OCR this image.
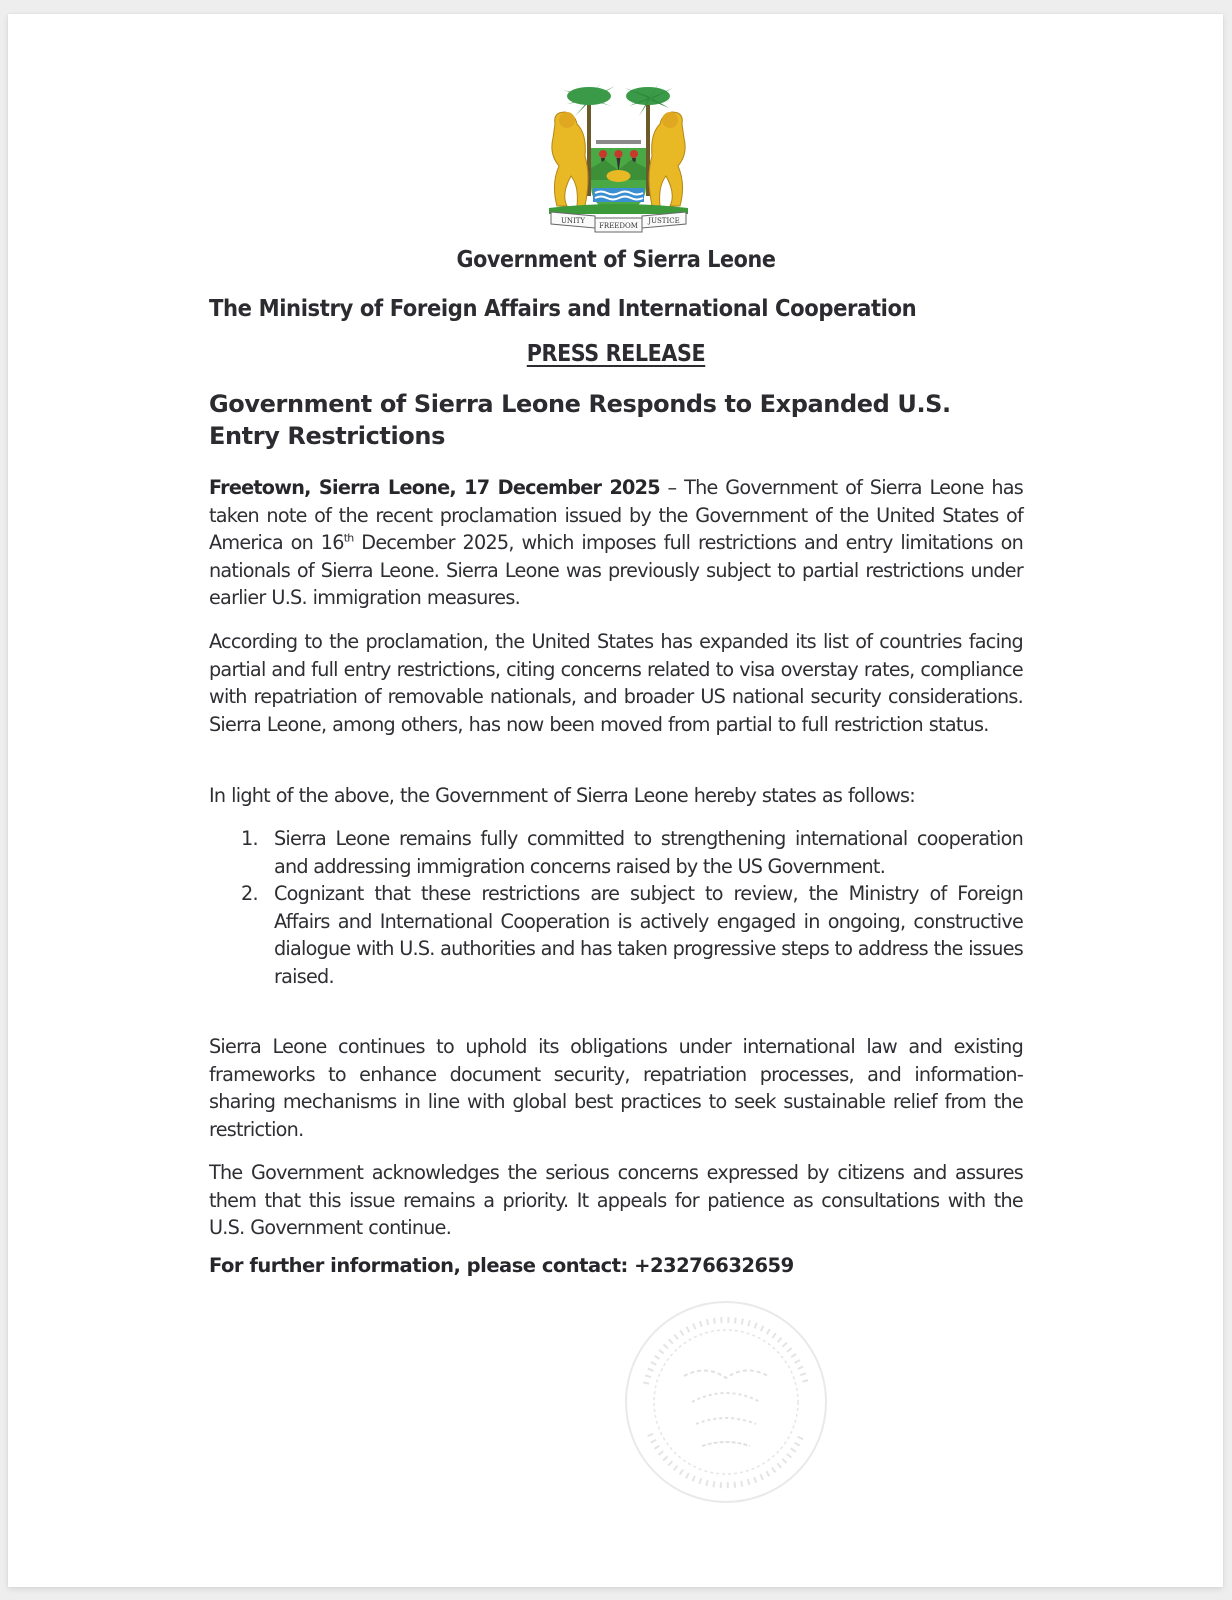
UNITY
FREEDOM
JUSTICE
Government of Sierra Leone
The Ministry of Foreign Affairs and International Cooperation
PRESS RELEASE
Government of Sierra Leone Responds to Expanded U.S. Entry Restrictions

Freetown, Sierra Leone, 17 December 2025 – The Government of Sierra Leone has taken note of the recent proclamation issued by the Government of the United States of America on 16th December 2025, which imposes full restrictions and entry limitations on nationals of Sierra Leone. Sierra Leone was previously subject to partial restrictions under earlier U.S. immigration measures.

According to the proclamation, the United States has expanded its list of countries facing partial and full entry restrictions, citing concerns related to visa overstay rates, compliance with repatriation of removable nationals, and broader US national security considerations. Sierra Leone, among others, has now been moved from partial to full restriction status.

In light of the above, the Government of Sierra Leone hereby states as follows:

1. Sierra Leone remains fully committed to strengthening international cooperation and addressing immigration concerns raised by the US Government.
2. Cognizant that these restrictions are subject to review, the Ministry of Foreign Affairs and International Cooperation is actively engaged in ongoing, constructive dialogue with U.S. authorities and has taken progressive steps to address the issues raised.

Sierra Leone continues to uphold its obligations under international law and existing frameworks to enhance document security, repatriation processes, and information-sharing mechanisms in line with global best practices to seek sustainable relief from the restriction.

The Government acknowledges the serious concerns expressed by citizens and assures them that this issue remains a priority. It appeals for patience as consultations with the U.S. Government continue.

For further information, please contact: +23276632659
